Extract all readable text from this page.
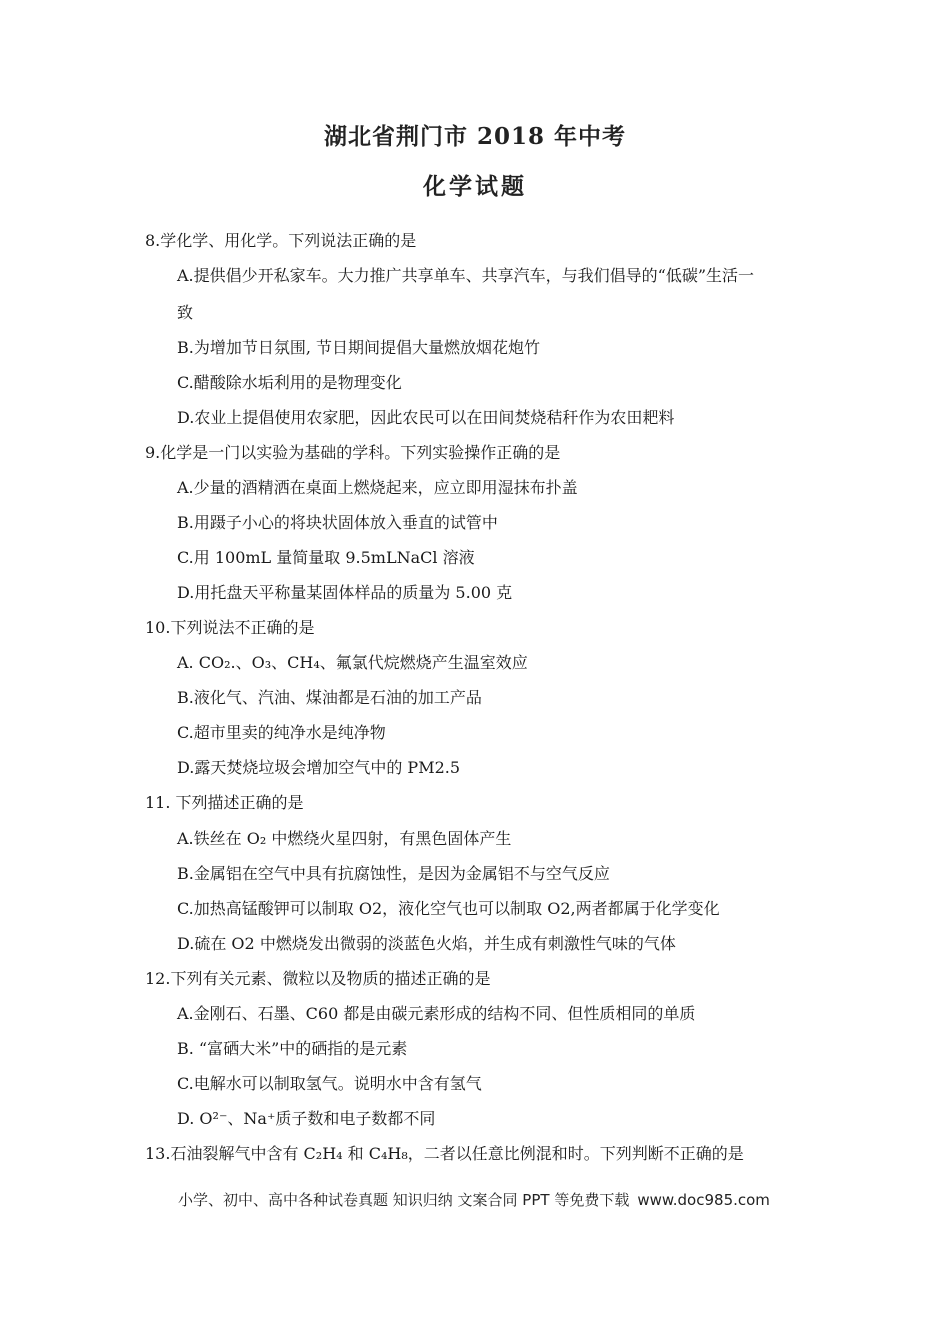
湖北省荆门市 2018 年中考
化学试题
8.学化学、用化学。下列说法正确的是
A.提供倡少开私家车。大力推广共享单车、共享汽车，与我们倡导的“低碳”生活一
致
B.为增加节日氛围, 节日期间提倡大量燃放烟花炮竹
C.醋酸除水垢利用的是物理变化
D.农业上提倡使用农家肥，因此农民可以在田间焚烧秸秆作为农田耙料
9.化学是一门以实验为基础的学科。下列实验操作正确的是
A.少量的酒精洒在桌面上燃烧起来，应立即用湿抹布扑盖
B.用蹑子小心的将块状固体放入垂直的试管中
C.用 100mL 量简量取 9.5mLNaCl 溶液
D.用托盘天平称量某固体样品的质量为 5.00 克
10.下列说法不正确的是
A. CO₂.、O₃、CH₄、氟氯代烷燃烧产生温室效应
B.液化气、汽油、煤油都是石油的加工产品
C.超市里卖的纯净水是纯净物
D.露天焚烧垃圾会增加空气中的 PM2.5
11. 下列描述正确的是
A.铁丝在 O₂ 中燃绕火星四射，有黑色固体产生
B.金属铝在空气中具有抗腐蚀性，是因为金属铝不与空气反应
C.加热高锰酸钾可以制取 O2，液化空气也可以制取 O2,两者都属于化学变化
D.硫在 O2 中燃烧发出微弱的淡蓝色火焰，并生成有刺激性气味的气体
12.下列有关元素、微粒以及物质的描述正确的是
A.金刚石、石墨、C60 都是由碳元素形成的结构不同、但性质相同的单质
B. “富硒大米”中的硒指的是元素
C.电解水可以制取氢气。说明水中含有氢气
D. O²⁻、Na⁺质子数和电子数都不同
13.石油裂解气中含有 C₂H₄ 和 C₄H₈，二者以任意比例混和时。下列判断不正确的是
小学、初中、高中各种试卷真题 知识归纳 文案合同 PPT 等免费下载 www.doc985.com
